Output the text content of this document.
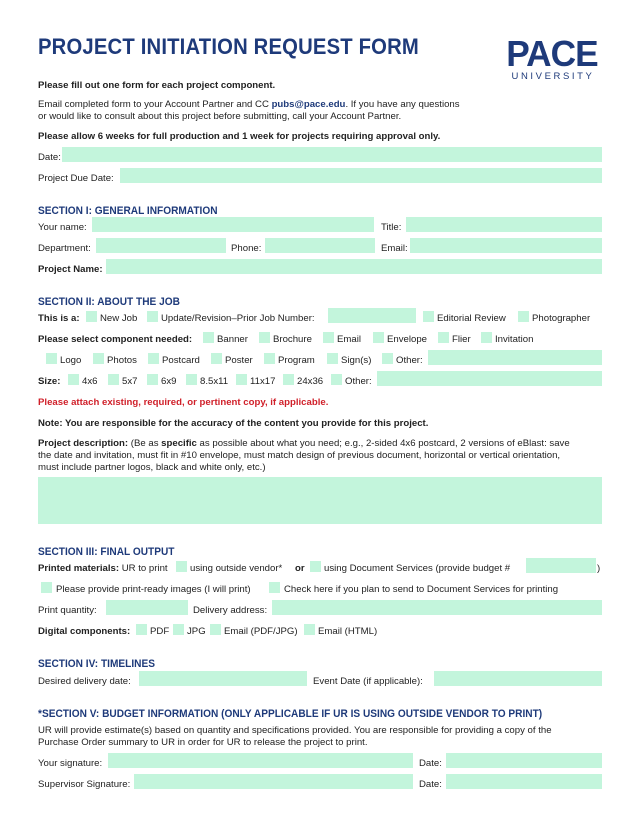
PROJECT INITIATION REQUEST FORM PACE
UNIVERSITY
Please fill out one form for each project component.
Email completed form to your Account Partner and CC pubs@pace.edu. If you have any questions
or would like to consult about this project before submitting, call your Account Partner.
Please allow 6 weeks for full production and 1 week for projects requiring approval only.
Date:
Project Due Date:
SECTION I: GENERAL INFORMATION
Your name:	Title:
Department:	Phone:	Email:
Project Name:
SECTION II: ABOUT THE JOB
This is a: New Job Update/Revision–Prior Job Number:	Editorial Review	Photographer
Please select component needed:	Banner	Brochure	Email	Envelope	Flier	Invitation
Logo	Photos	Postcard	Poster	Program	Sign(s)	Other:
Size: 4x6	5x7 6x9 8.5x11 11x17 24x36 Other:
Please attach existing, required, or pertinent copy, if applicable.
Note: You are responsible for the accuracy of the content you provide for this project.
Project description: (Be as specific as possible about what you need; e.g., 2-sided 4x6 postcard, 2 versions of eBlast: save
the date and invitation, must fit in #10 envelope, must match design of previous document, horizontal or vertical orientation,
must include partner logos, black and white only, etc.)
SECTION III: FINAL OUTPUT
Printed materials: UR to print using outside vendor* or using Document Services (provide budget #	)
Please provide print-ready images (I will print)	Check here if you plan to send to Document Services for printing
Print quantity:	Delivery address:
Digital components: PDF JPG Email (PDF/JPG) Email (HTML)
SECTION IV: TIMELINES
Desired delivery date:	Event Date (if applicable):
*SECTION V: BUDGET INFORMATION (ONLY APPLICABLE IF UR IS USING OUTSIDE VENDOR TO PRINT)
UR will provide estimate(s) based on quantity and specifications provided. You are responsible for providing a copy of the
Purchase Order summary to UR in order for UR to release the project to print.
Your signature:	Date:
Supervisor Signature:	Date:
